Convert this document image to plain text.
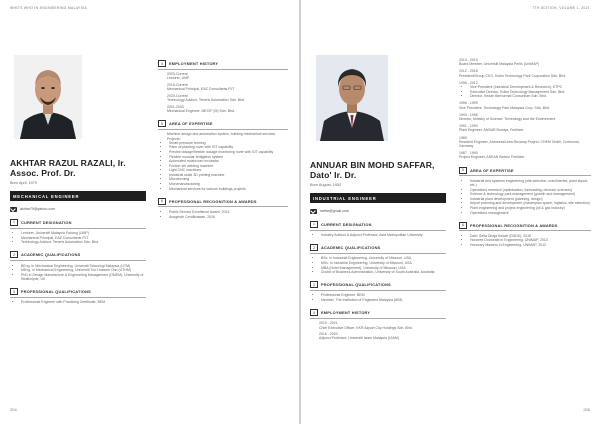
WHO'S WHO IN ENGINEERING MALAYSIA
AKHTAR RAZUL RAZALI, Ir. Assoc. Prof. Dr.
Born April, 1979
MECHANICAL ENGINEER
akhtar79@yahoo.com
1	CURRENT DESIGNATION
• Lecturer, Universiti Malaysia Pahang (UMP)
• Mechanical Principal, EAZ Consultants PLT
• Technology Advisor, Teneris Automation Sdn. Bhd.
2	ACADEMIC QUALIFICATIONS
• BEng. in Mechanical Engineering, Universiti Teknologi Malaysia (UTM)
• MEng. in Mechanical Engineering, Universiti Tun Hussein Onn (UTHM)
• PhD in Design Manufacture & Engineering Management (DMEM), University of Strathclyde, UK
3	PROFESSIONAL QUALIFICATIONS
• Professional Engineer with Practising Certificate, BEM
4	EMPLOYMENT HISTORY
2003-Current
Lecturer, UMP
2016-Current
Mechanical Principal, EAZ Consultants PLT
2020-Current
Technology Advisor, Teneris Automation Sdn. Bhd.
2001-2003
Mechanical Engineer, MECIF (M) Sdn. Bhd.
5	AREA OF EXPERTISE
Machine design and automation system, building mechanical services.
Projects:
• Smart pressure forming
• Palm oil planting rover with IOT capability
• Precise dosage/flexible dosage monitoring rover with IOT capability
• Flexible modular fertigation system
• Automated mushroom incubator
• Friction stir welding machine
• Light CNC machines
• Industrial scale 3D printing machine
• Microforming
• Micromanufacturing
• Mechanical services for various buildings projects
6	PROFESSIONAL RECOGNITION & AWARDS
• Public Service Excellence Award, 2013
• Anugerah Cendikiawan, 2016
204
7TH EDITION, VOLUME 1, 2021
ANNUAR BIN MOHD SAFFAR, Dato' Ir. Dr.
Born August, 1952
INDUSTRIAL ENGINEER
saffar@gmail.com
1	CURRENT DESIGNATION
• Industry Advisor & Adjunct Professor, Asia Metropolitan University
2	ACADEMIC QUALIFICATIONS
• BSc. in Industrial Engineering, University of Missouri, USA
• MSc. in Industrial Engineering, University of Missouri, USA
• MBA (Hotel Management), University of Missouri, USA
• Doctor of Business Administration, University of South Australia, Australia
3	PROFESSIONAL QUALIFICATIONS
• Professional Engineer, BEM
• Member, The Institution of Engineers Malaysia (IEM)
4	EMPLOYMENT HISTORY
2019 - 2021
Chief Executive Officer, KKR Airport City Holdings Sdn. Bhd.
2016 - 2020
Adjunct Professor, Universiti Islam Malaysia (UIAM)
2013 - 2019
Board Member, Universiti Malaysia Perlis (UniMAP)
2012 - 2018
President/Group CEO, Kulim Technology Park Corporation Sdn. Bhd.
1999 - 2012
• Vice President (Industrial Development & Research), KTPC
• Executive Director, Kulim Technology Management Sdn. Bhd.
• Director, Kedah Berhormat Consortium Sdn. Bhd.
1996 - 1999
Vice President, Technology Park Malaysia Corp. Sdn. Bhd.
1993 - 1996
Director, Ministry of Science, Technology and the Environment
1991 - 1993
Plant Engineer, ANSAR Bumiya, Fertilizer
1989
Resident Engineer, Ammonia/Urea Revamp Project, CHEM Gmbh, Dortmund, Germany
1987 - 1990
Project Engineer, ASEAN Bintulu Fertilizer
5	AREA OF EXPERTISE
• Industrial and systems engineering (site selection, machineries, plant layout, etc.)
• Operations research (optimisation, forecasting, decision sciences)
• Science & technology park management (growth and management)
• Industrial plant development (planning, design)
• Airport planning and development (masterplan space, logistics, site selection)
• Plant engineering and project engineering (oil & gas industry)
• Operations management
6	PROFESSIONAL RECOGNITION & AWARDS
• Dato' Setia Diraja Kedah (DSDK), 2015
• Honoree Doctorate in Engineering, UNIMAP, 2013
• Honorary Masters in Engineering, UNIMAP, 2012
205
